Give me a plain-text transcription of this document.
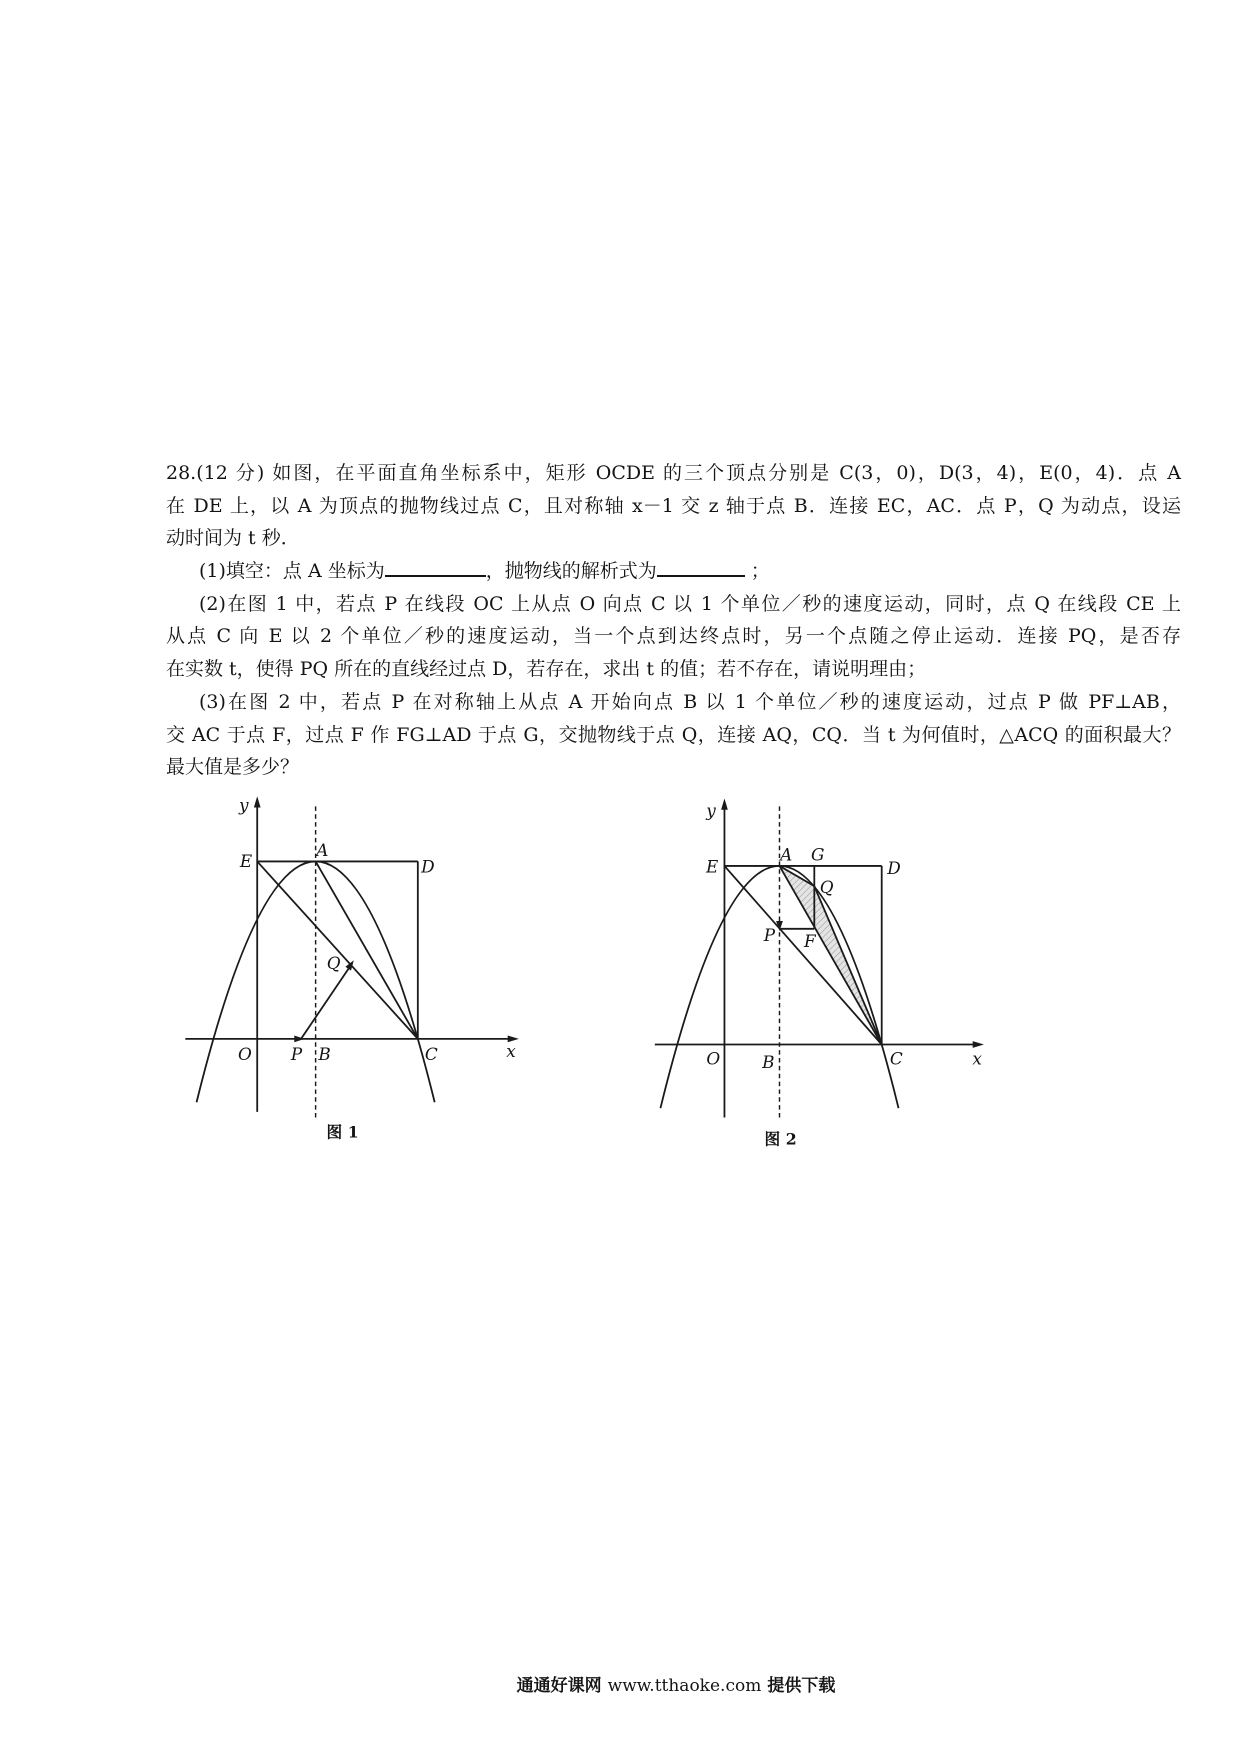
28.(12 分) 如图，在平面直角坐标系中，矩形 OCDE 的三个顶点分别是 C(3，0)，D(3，4)，E(0，4)．点 A
在 DE 上，以 A 为顶点的抛物线过点 C，且对称轴 x－1 交 z 轴于点 B．连接 EC，AC．点 P，Q 为动点，设运
动时间为 t 秒．
(1)填空：点 A 坐标为	，抛物线的解析式为	；
(2)在图 1 中，若点 P 在线段 OC 上从点 O 向点 C 以 1 个单位／秒的速度运动，同时，点 Q 在线段 CE 上
从点 C 向 E 以 2 个单位／秒的速度运动，当一个点到达终点时，另一个点随之停止运动．连接 PQ，是否存
在实数 t，使得 PQ 所在的直线经过点 D，若存在，求出 t 的值；若不存在，请说明理由；
(3)在图 2 中，若点 P 在对称轴上从点 A 开始向点 B 以 1 个单位／秒的速度运动，过点 P 做 PF⊥AB，
交 AC 于点 F，过点 F 作 FG⊥AD 于点 G，交抛物线于点 Q，连接 AQ，CQ．当 t 为何值时，△ACQ 的面积最大？
最大值是多少？
y
E
A
D
Q
O	P B	C	x
图 1
y
E
A G
D
Q
P F
O	B	C	x
图 2
通通好课网 www.tthaoke.com 提供下载
